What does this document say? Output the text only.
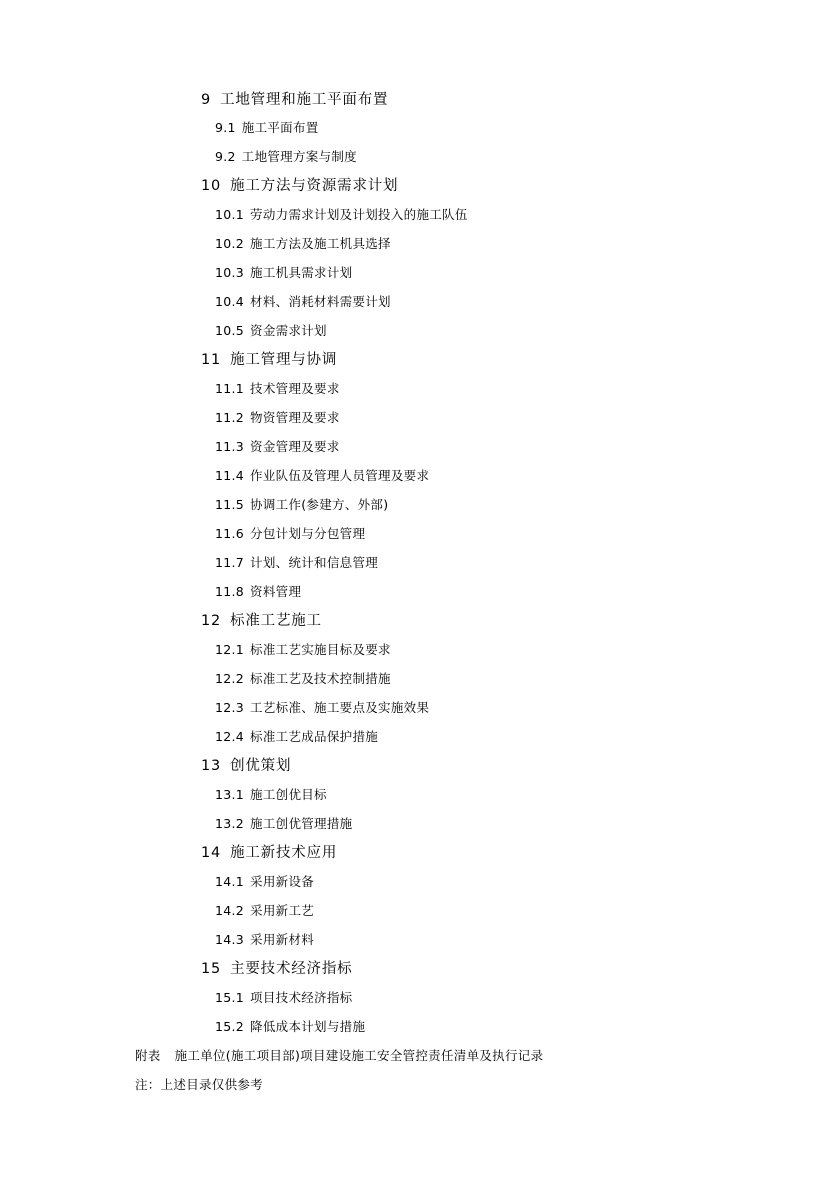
9 工地管理和施工平面布置
9.1 施工平面布置
9.2 工地管理方案与制度
10 施工方法与资源需求计划
10.1 劳动力需求计划及计划投入的施工队伍
10.2 施工方法及施工机具选择
10.3 施工机具需求计划
10.4 材料、消耗材料需要计划
10.5 资金需求计划
11 施工管理与协调
11.1 技术管理及要求
11.2 物资管理及要求
11.3 资金管理及要求
11.4 作业队伍及管理人员管理及要求
11.5 协调工作(参建方、外部)
11.6 分包计划与分包管理
11.7 计划、统计和信息管理
11.8 资料管理
12 标准工艺施工
12.1 标准工艺实施目标及要求
12.2 标准工艺及技术控制措施
12.3 工艺标准、施工要点及实施效果
12.4 标准工艺成品保护措施
13 创优策划
13.1 施工创优目标
13.2 施工创优管理措施
14 施工新技术应用
14.1 采用新设备
14.2 采用新工艺
14.3 采用新材料
15 主要技术经济指标
15.1 项目技术经济指标
15.2 降低成本计划与措施
附表 施工单位(施工项目部)项目建设施工安全管控责任清单及执行记录
注：上述目录仅供参考
